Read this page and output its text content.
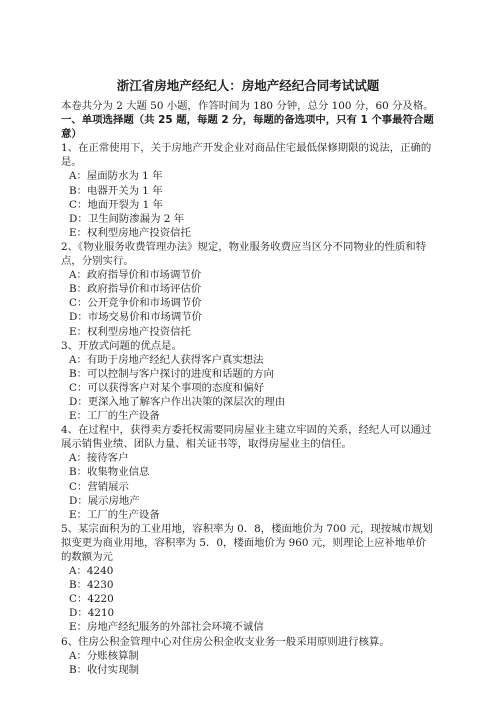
浙江省房地产经纪人：房地产经纪合同考试试题

本卷共分为 2 大题 50 小题，作答时间为 180 分钟，总分 100 分，60 分及格。

一、单项选择题（共 25 题，每题 2 分，每题的备选项中，只有 1 个事最符合题意）

1、在正常使用下，关于房地产开发企业对商品住宅最低保修期限的说法，正确的是。

A：屋面防水为 1 年

B：电器开关为 1 年

C：地面开裂为 1 年

D：卫生间防渗漏为 2 年

E：权利型房地产投资信托

2、《物业服务收费管理办法》规定，物业服务收费应当区分不同物业的性质和特点，分别实行。

A：政府指导价和市场调节价

B：政府指导价和市场评估价

C：公开竞争价和市场调节价

D：市场交易价和市场调节价

E：权利型房地产投资信托

3、开放式问题的优点是。

A：有助于房地产经纪人获得客户真实想法

B：可以控制与客户探讨的进度和话题的方向

C：可以获得客户对某个事项的态度和偏好

D：更深入地了解客户作出决策的深层次的理由

E：工厂的生产设备

4、在过程中，获得卖方委托权需要同房屋业主建立牢固的关系，经纪人可以通过展示销售业绩、团队力量、相关证书等，取得房屋业主的信任。

A：接待客户

B：收集物业信息

C：营销展示

D：展示房地产

E：工厂的生产设备

5、某宗面积为的工业用地，容积率为 0．8，楼面地价为 700 元，现按城市规划拟变更为商业用地，容积率为 5．0，楼面地价为 960 元，则理论上应补地单价的数额为元

A：4240

B：4230

C：4220

D：4210

E：房地产经纪服务的外部社会环境不诚信

6、住房公积金管理中心对住房公积金收支业务一般采用原则进行核算。

A：分账核算制

B：收付实现制
